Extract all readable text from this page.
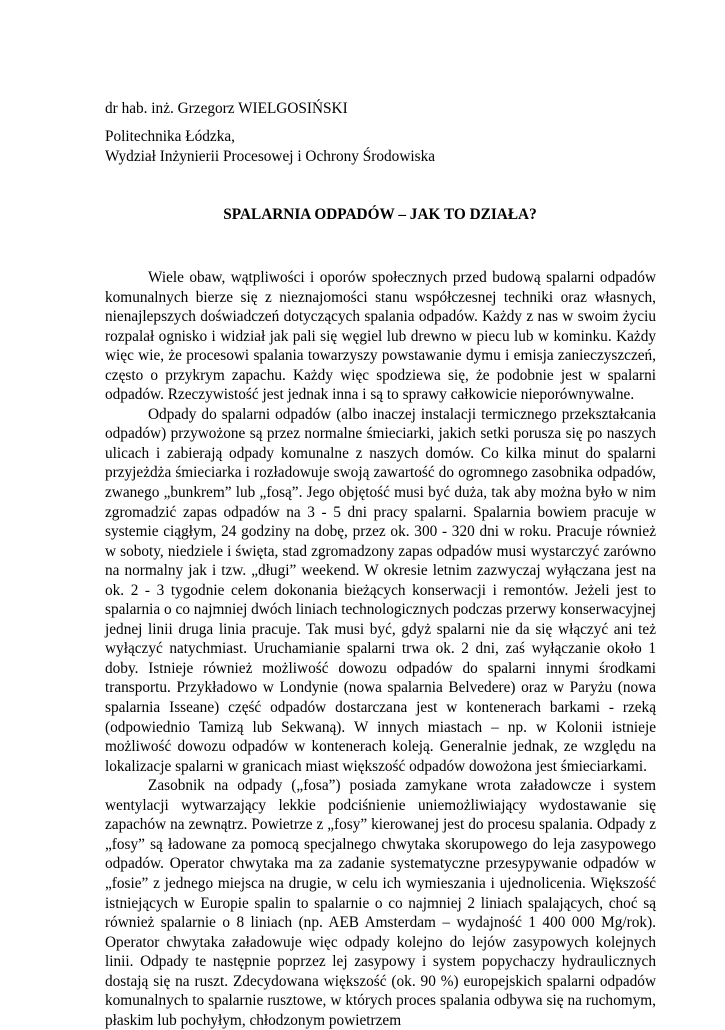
dr hab. inż. Grzegorz WIELGOSIŃSKI
Politechnika Łódzka,
Wydział Inżynierii Procesowej i Ochrony Środowiska
SPALARNIA ODPADÓW – JAK TO DZIAŁA?

Wiele obaw, wątpliwości i oporów społecznych przed budową spalarni odpadów komunalnych bierze się z nieznajomości stanu współczesnej techniki oraz własnych, nienajlepszych doświadczeń dotyczących spalania odpadów. Każdy z nas w swoim życiu rozpalał ognisko i widział jak pali się węgiel lub drewno w piecu lub w kominku. Każdy więc wie, że procesowi spalania towarzyszy powstawanie dymu i emisja zanieczyszczeń, często o przykrym zapachu. Każdy więc spodziewa się, że podobnie jest w spalarni odpadów. Rzeczywistość jest jednak inna i są to sprawy całkowicie nieporównywalne.

Odpady do spalarni odpadów (albo inaczej instalacji termicznego przekształcania odpadów) przywożone są przez normalne śmieciarki, jakich setki porusza się po naszych ulicach i zabierają odpady komunalne z naszych domów. Co kilka minut do spalarni przyjeżdża śmieciarka i rozładowuje swoją zawartość do ogromnego zasobnika odpadów, zwanego „bunkrem” lub „fosą”. Jego objętość musi być duża, tak aby można było w nim zgromadzić zapas odpadów na 3 - 5 dni pracy spalarni. Spalarnia bowiem pracuje w systemie ciągłym, 24 godziny na dobę, przez ok. 300 - 320 dni w roku. Pracuje również w soboty, niedziele i święta, stad zgromadzony zapas odpadów musi wystarczyć zarówno na normalny jak i tzw. „długi” weekend. W okresie letnim zazwyczaj wyłączana jest na ok. 2 - 3 tygodnie celem dokonania bieżących konserwacji i remontów. Jeżeli jest to spalarnia o co najmniej dwóch liniach technologicznych podczas przerwy konserwacyjnej jednej linii druga linia pracuje. Tak musi być, gdyż spalarni nie da się włączyć ani też wyłączyć natychmiast. Uruchamianie spalarni trwa ok. 2 dni, zaś wyłączanie około 1 doby. Istnieje również możliwość dowozu odpadów do spalarni innymi środkami transportu. Przykładowo w Londynie (nowa spalarnia Belvedere) oraz w Paryżu (nowa spalarnia Isseane) część odpadów dostarczana jest w kontenerach barkami - rzeką (odpowiednio Tamizą lub Sekwaną). W innych miastach – np. w Kolonii istnieje możliwość dowozu odpadów w kontenerach koleją. Generalnie jednak, ze względu na lokalizacje spalarni w granicach miast większość odpadów dowożona jest śmieciarkami.

Zasobnik na odpady („fosa”) posiada zamykane wrota załadowcze i system wentylacji wytwarzający lekkie podciśnienie uniemożliwiający wydostawanie się zapachów na zewnątrz. Powietrze z „fosy” kierowanej jest do procesu spalania. Odpady z „fosy” są ładowane za pomocą specjalnego chwytaka skorupowego do leja zasypowego odpadów. Operator chwytaka ma za zadanie systematyczne przesypywanie odpadów w „fosie” z jednego miejsca na drugie, w celu ich wymieszania i ujednolicenia. Większość istniejących w Europie spalin to spalarnie o co najmniej 2 liniach spalających, choć są również spalarnie o 8 liniach (np. AEB Amsterdam – wydajność 1 400 000 Mg/rok). Operator chwytaka załadowuje więc odpady kolejno do lejów zasypowych kolejnych linii. Odpady te następnie poprzez lej zasypowy i system popychaczy hydraulicznych dostają się na ruszt. Zdecydowana większość (ok. 90 %) europejskich spalarni odpadów komunalnych to spalarnie rusztowe, w których proces spalania odbywa się na ruchomym, płaskim lub pochyłym, chłodzonym powietrzem
